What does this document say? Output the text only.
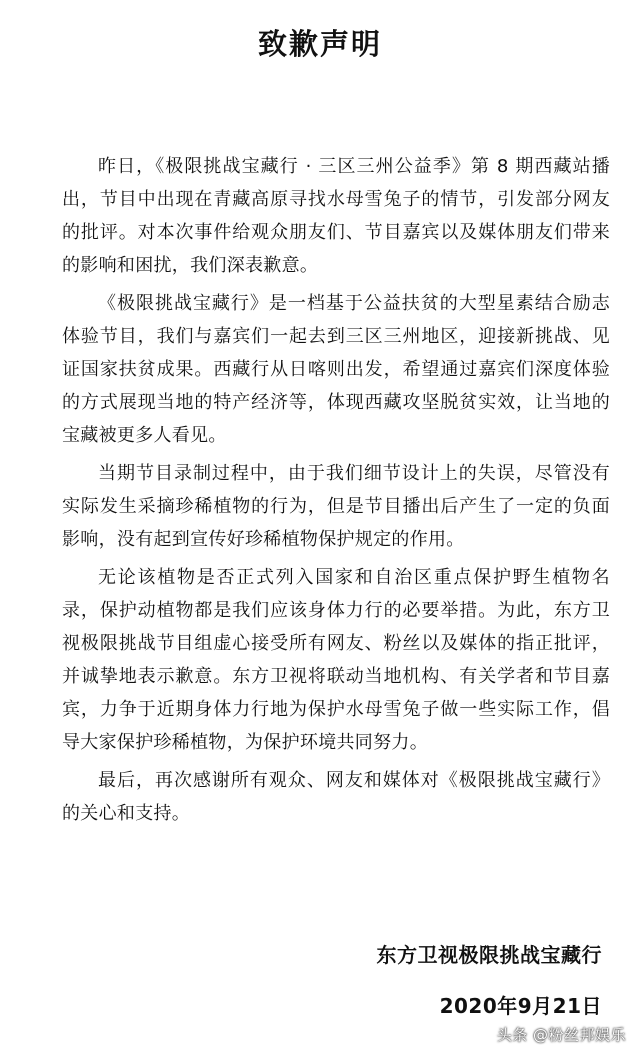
致歉声明

昨日，《极限挑战宝藏行 · 三区三州公益季》第 8 期西藏站播出，节目中出现在青藏高原寻找水母雪兔子的情节，引发部分网友的批评。对本次事件给观众朋友们、节目嘉宾以及媒体朋友们带来的影响和困扰，我们深表歉意。

《极限挑战宝藏行》是一档基于公益扶贫的大型星素结合励志体验节目，我们与嘉宾们一起去到三区三州地区，迎接新挑战、见证国家扶贫成果。西藏行从日喀则出发，希望通过嘉宾们深度体验的方式展现当地的特产经济等，体现西藏攻坚脱贫实效，让当地的宝藏被更多人看见。

当期节目录制过程中，由于我们细节设计上的失误，尽管没有实际发生采摘珍稀植物的行为，但是节目播出后产生了一定的负面影响，没有起到宣传好珍稀植物保护规定的作用。

无论该植物是否正式列入国家和自治区重点保护野生植物名录，保护动植物都是我们应该身体力行的必要举措。为此，东方卫视极限挑战节目组虚心接受所有网友、粉丝以及媒体的指正批评，并诚挚地表示歉意。东方卫视将联动当地机构、有关学者和节目嘉宾，力争于近期身体力行地为保护水母雪兔子做一些实际工作，倡导大家保护珍稀植物，为保护环境共同努力。

最后，再次感谢所有观众、网友和媒体对《极限挑战宝藏行》的关心和支持。

东方卫视极限挑战宝藏行
2020年9月21日
头条 @粉丝邦娱乐
